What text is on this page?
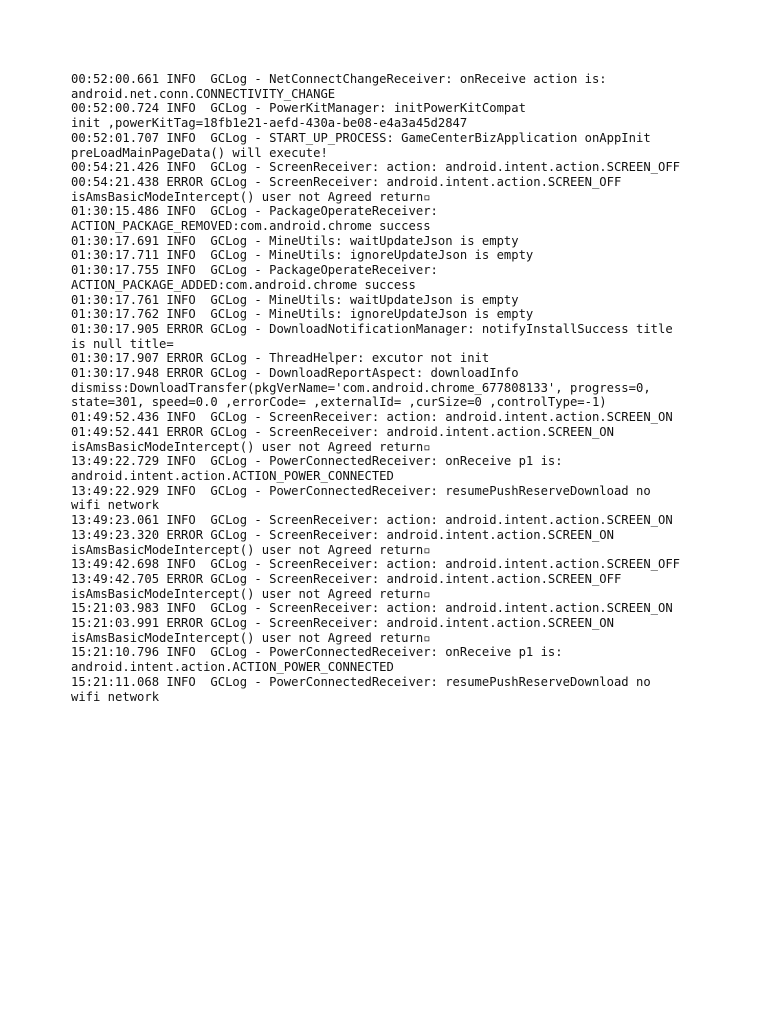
00:52:00.661 INFO  GCLog - NetConnectChangeReceiver: onReceive action is:
android.net.conn.CONNECTIVITY_CHANGE
00:52:00.724 INFO  GCLog - PowerKitManager: initPowerKitCompat
init ,powerKitTag=18fb1e21-aefd-430a-be08-e4a3a45d2847
00:52:01.707 INFO  GCLog - START_UP_PROCESS: GameCenterBizApplication onAppInit
preLoadMainPageData() will execute!
00:54:21.426 INFO  GCLog - ScreenReceiver: action: android.intent.action.SCREEN_OFF
00:54:21.438 ERROR GCLog - ScreenReceiver: android.intent.action.SCREEN_OFF
isAmsBasicModeIntercept() user not Agreed return▫
01:30:15.486 INFO  GCLog - PackageOperateReceiver:
ACTION_PACKAGE_REMOVED:com.android.chrome success
01:30:17.691 INFO  GCLog - MineUtils: waitUpdateJson is empty
01:30:17.711 INFO  GCLog - MineUtils: ignoreUpdateJson is empty
01:30:17.755 INFO  GCLog - PackageOperateReceiver:
ACTION_PACKAGE_ADDED:com.android.chrome success
01:30:17.761 INFO  GCLog - MineUtils: waitUpdateJson is empty
01:30:17.762 INFO  GCLog - MineUtils: ignoreUpdateJson is empty
01:30:17.905 ERROR GCLog - DownloadNotificationManager: notifyInstallSuccess title
is null title=
01:30:17.907 ERROR GCLog - ThreadHelper: excutor not init
01:30:17.948 ERROR GCLog - DownloadReportAspect: downloadInfo
dismiss:DownloadTransfer(pkgVerName='com.android.chrome_677808133', progress=0,
state=301, speed=0.0 ,errorCode= ,externalId= ,curSize=0 ,controlType=-1)
01:49:52.436 INFO  GCLog - ScreenReceiver: action: android.intent.action.SCREEN_ON
01:49:52.441 ERROR GCLog - ScreenReceiver: android.intent.action.SCREEN_ON
isAmsBasicModeIntercept() user not Agreed return▫
13:49:22.729 INFO  GCLog - PowerConnectedReceiver: onReceive p1 is:
android.intent.action.ACTION_POWER_CONNECTED
13:49:22.929 INFO  GCLog - PowerConnectedReceiver: resumePushReserveDownload no
wifi network
13:49:23.061 INFO  GCLog - ScreenReceiver: action: android.intent.action.SCREEN_ON
13:49:23.320 ERROR GCLog - ScreenReceiver: android.intent.action.SCREEN_ON
isAmsBasicModeIntercept() user not Agreed return▫
13:49:42.698 INFO  GCLog - ScreenReceiver: action: android.intent.action.SCREEN_OFF
13:49:42.705 ERROR GCLog - ScreenReceiver: android.intent.action.SCREEN_OFF
isAmsBasicModeIntercept() user not Agreed return▫
15:21:03.983 INFO  GCLog - ScreenReceiver: action: android.intent.action.SCREEN_ON
15:21:03.991 ERROR GCLog - ScreenReceiver: android.intent.action.SCREEN_ON
isAmsBasicModeIntercept() user not Agreed return▫
15:21:10.796 INFO  GCLog - PowerConnectedReceiver: onReceive p1 is:
android.intent.action.ACTION_POWER_CONNECTED
15:21:11.068 INFO  GCLog - PowerConnectedReceiver: resumePushReserveDownload no
wifi network
